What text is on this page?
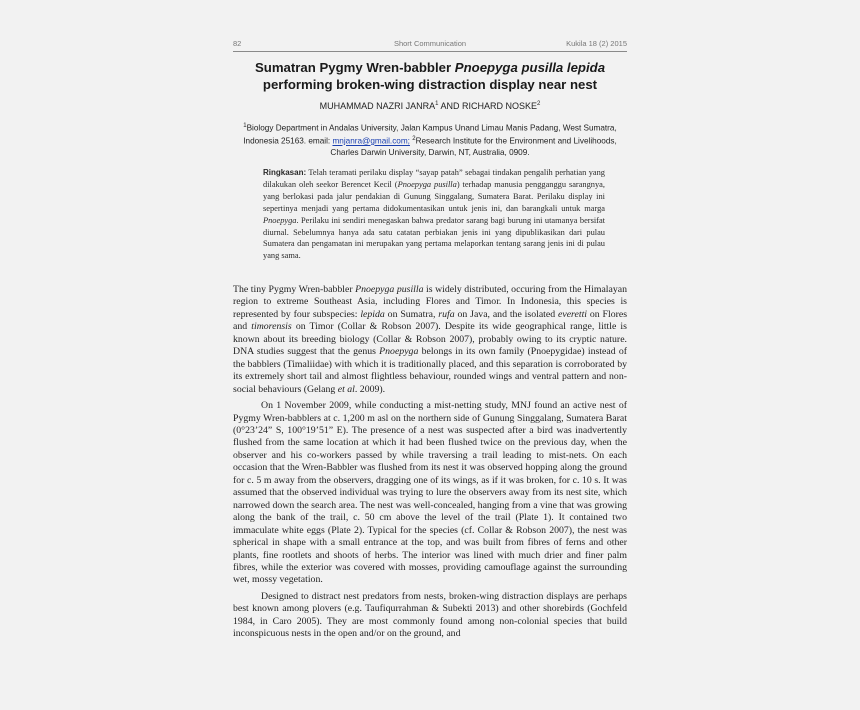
82	Short Communication	Kukila 18 (2) 2015
Sumatran Pygmy Wren-babbler Pnoepyga pusilla lepida
performing broken-wing distraction display near nest
MUHAMMAD NAZRI JANRA$^1$ AND RICHARD NOSKE$^2$
$^1$Biology Department in Andalas University, Jalan Kampus Unand Limau Manis Padang, West Sumatra, Indonesia 25163. email: mnjanra@gmail.com; $^2$Research Institute for the Environment and Livelihoods, Charles Darwin University, Darwin, NT, Australia, 0909.
Ringkasan: Telah teramati perilaku display “sayap patah” sebagai tindakan pengalih perhatian yang dilakukan oleh seekor Berencet Kecil (Pnoepyga pusilla) terhadap manusia pengganggu sarangnya, yang berlokasi pada jalur pendakian di Gunung Singgalang, Sumatera Barat. Perilaku display ini sepertinya menjadi yang pertama didokumentasikan untuk jenis ini, dan barangkali untuk marga Pnoepyga. Perilaku ini sendiri menegaskan bahwa predator sarang bagi burung ini utamanya bersifat diurnal. Sebelumnya hanya ada satu catatan perbiakan jenis ini yang dipublikasikan dari pulau Sumatera dan pengamatan ini merupakan yang pertama melaporkan tentang sarang jenis ini di pulau yang sama.

The tiny Pygmy Wren-babbler Pnoepyga pusilla is widely distributed, occuring from the Himalayan region to extreme Southeast Asia, including Flores and Timor. In Indonesia, this species is represented by four subspecies: lepida on Sumatra, rufa on Java, and the isolated everetti on Flores and timorensis on Timor (Collar & Robson 2007). Despite its wide geographical range, little is known about its breeding biology (Collar & Robson 2007), probably owing to its cryptic nature. DNA studies suggest that the genus Pnoepyga belongs in its own family (Pnoepygidae) instead of the babblers (Timaliidae) with which it is traditionally placed, and this separation is corroborated by its extremely short tail and almost flightless behaviour, rounded wings and ventral pattern and non-social behaviours (Gelang et al. 2009).

On 1 November 2009, while conducting a mist-netting study, MNJ found an active nest of Pygmy Wren-babblers at c. 1,200 m asl on the northern side of Gunung Singgalang, Sumatera Barat (0°23’24” S, 100°19’51” E). The presence of a nest was suspected after a bird was inadvertently flushed from the same location at which it had been flushed twice on the previous day, when the observer and his co-workers passed by while traversing a trail leading to mist-nets. On each occasion that the Wren-Babbler was flushed from its nest it was observed hopping along the ground for c. 5 m away from the observers, dragging one of its wings, as if it was broken, for c. 10 s. It was assumed that the observed individual was trying to lure the observers away from its nest site, which narrowed down the search area. The nest was well-concealed, hanging from a vine that was growing along the bank of the trail, c. 50 cm above the level of the trail (Plate 1). It contained two immaculate white eggs (Plate 2). Typical for the species (cf. Collar & Robson 2007), the nest was spherical in shape with a small entrance at the top, and was built from fibres of ferns and other plants, fine rootlets and shoots of herbs. The interior was lined with much drier and finer palm fibres, while the exterior was covered with mosses, providing camouflage against the surrounding wet, mossy vegetation.

Designed to distract nest predators from nests, broken-wing distraction displays are perhaps best known among plovers (e.g. Taufiqurrahman & Subekti 2013) and other shorebirds (Gochfeld 1984, in Caro 2005). They are most commonly found among non-colonial species that build inconspicuous nests in the open and/or on the ground, and
